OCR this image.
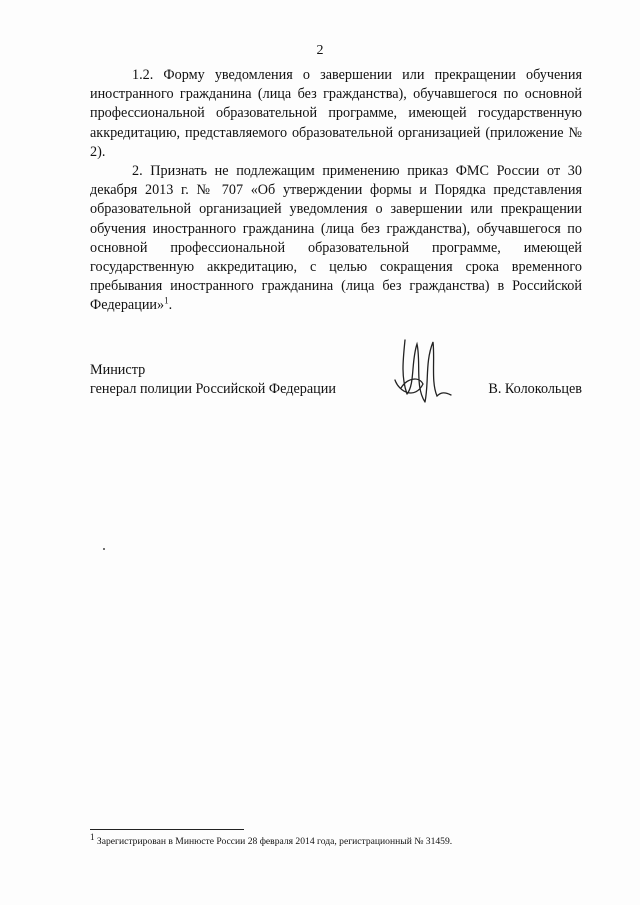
2

1.2. Форму уведомления о завершении или прекращении обучения иностранного гражданина (лица без гражданства), обучавшегося по основной профессиональной образовательной программе, имеющей государственную аккредитацию, представляемого образовательной организацией (приложение № 2).

2. Признать не подлежащим применению приказ ФМС России от 30 декабря 2013 г. № 707 «Об утверждении формы и Порядка представления образовательной организацией уведомления о завершении или прекращении обучения иностранного гражданина (лица без гражданства), обучавшегося по основной профессиональной образовательной программе, имеющей государственную аккредитацию, с целью сокращения срока временного пребывания иностранного гражданина (лица без гражданства) в Российской Федерации»$^1$.

Министр
генерал полиции Российской Федерации	В. Колокольцев
$^1$ Зарегистрирован в Минюсте России 28 февраля 2014 года, регистрационный № 31459.
